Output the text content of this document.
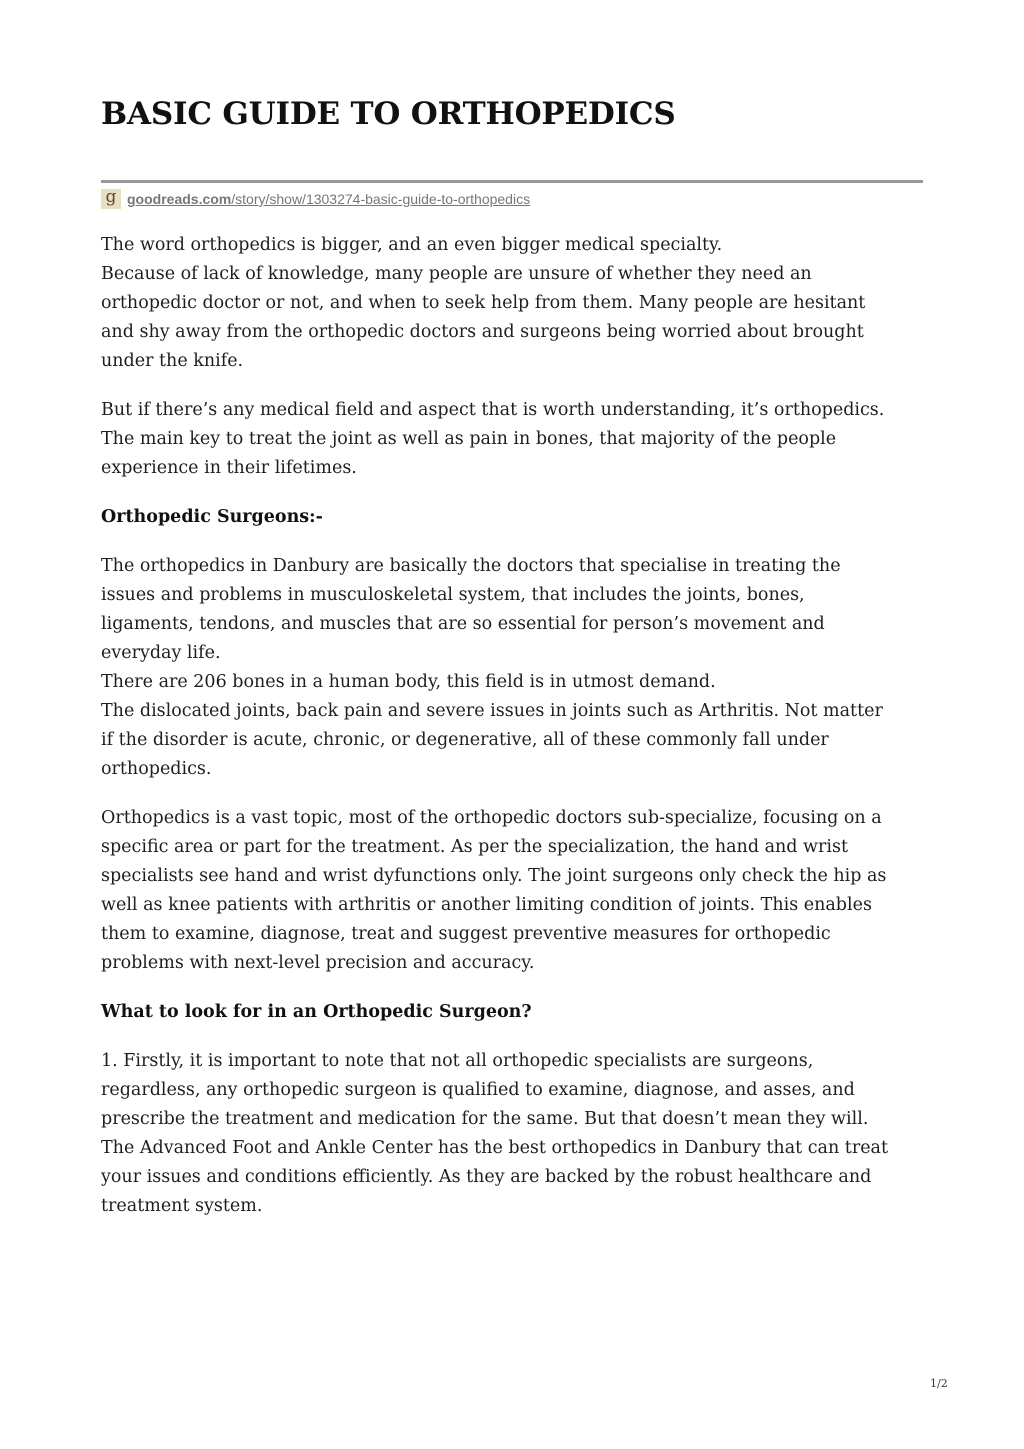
BASIC GUIDE TO ORTHOPEDICS
g goodreads.com/story/show/1303274-basic-guide-to-orthopedics

The word orthopedics is bigger, and an even bigger medical specialty.
Because of lack of knowledge, many people are unsure of whether they need an
orthopedic doctor or not, and when to seek help from them. Many people are hesitant
and shy away from the orthopedic doctors and surgeons being worried about brought
under the knife.

But if there’s any medical field and aspect that is worth understanding, it’s orthopedics.
The main key to treat the joint as well as pain in bones, that majority of the people
experience in their lifetimes.

Orthopedic Surgeons:-

The orthopedics in Danbury are basically the doctors that specialise in treating the
issues and problems in musculoskeletal system, that includes the joints, bones,
ligaments, tendons, and muscles that are so essential for person’s movement and
everyday life.
There are 206 bones in a human body, this field is in utmost demand.
The dislocated joints, back pain and severe issues in joints such as Arthritis. Not matter
if the disorder is acute, chronic, or degenerative, all of these commonly fall under
orthopedics.

Orthopedics is a vast topic, most of the orthopedic doctors sub-specialize, focusing on a
specific area or part for the treatment. As per the specialization, the hand and wrist
specialists see hand and wrist dyfunctions only. The joint surgeons only check the hip as
well as knee patients with arthritis or another limiting condition of joints. This enables
them to examine, diagnose, treat and suggest preventive measures for orthopedic
problems with next-level precision and accuracy.

What to look for in an Orthopedic Surgeon?

1. Firstly, it is important to note that not all orthopedic specialists are surgeons,
regardless, any orthopedic surgeon is qualified to examine, diagnose, and asses, and
prescribe the treatment and medication for the same. But that doesn’t mean they will.
The Advanced Foot and Ankle Center has the best orthopedics in Danbury that can treat
your issues and conditions efficiently. As they are backed by the robust healthcare and
treatment system.

1/2
